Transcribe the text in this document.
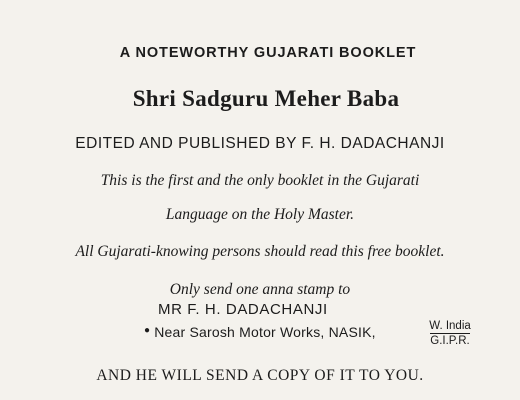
A NOTEWORTHY GUJARATI BOOKLET
Shri Sadguru Meher Baba
EDITED AND PUBLISHED BY F. H. DADACHANJI
This is the first and the only booklet in the Gujarati
Language on the Holy Master.
All Gujarati-knowing persons should read this free booklet.
Only send one anna stamp to
MR F. H. DADACHANJI
● Near Sarosh Motor Works, NASIK,	W. India
G.I.P.R.
AND HE WILL SEND A COPY OF IT TO YOU.
